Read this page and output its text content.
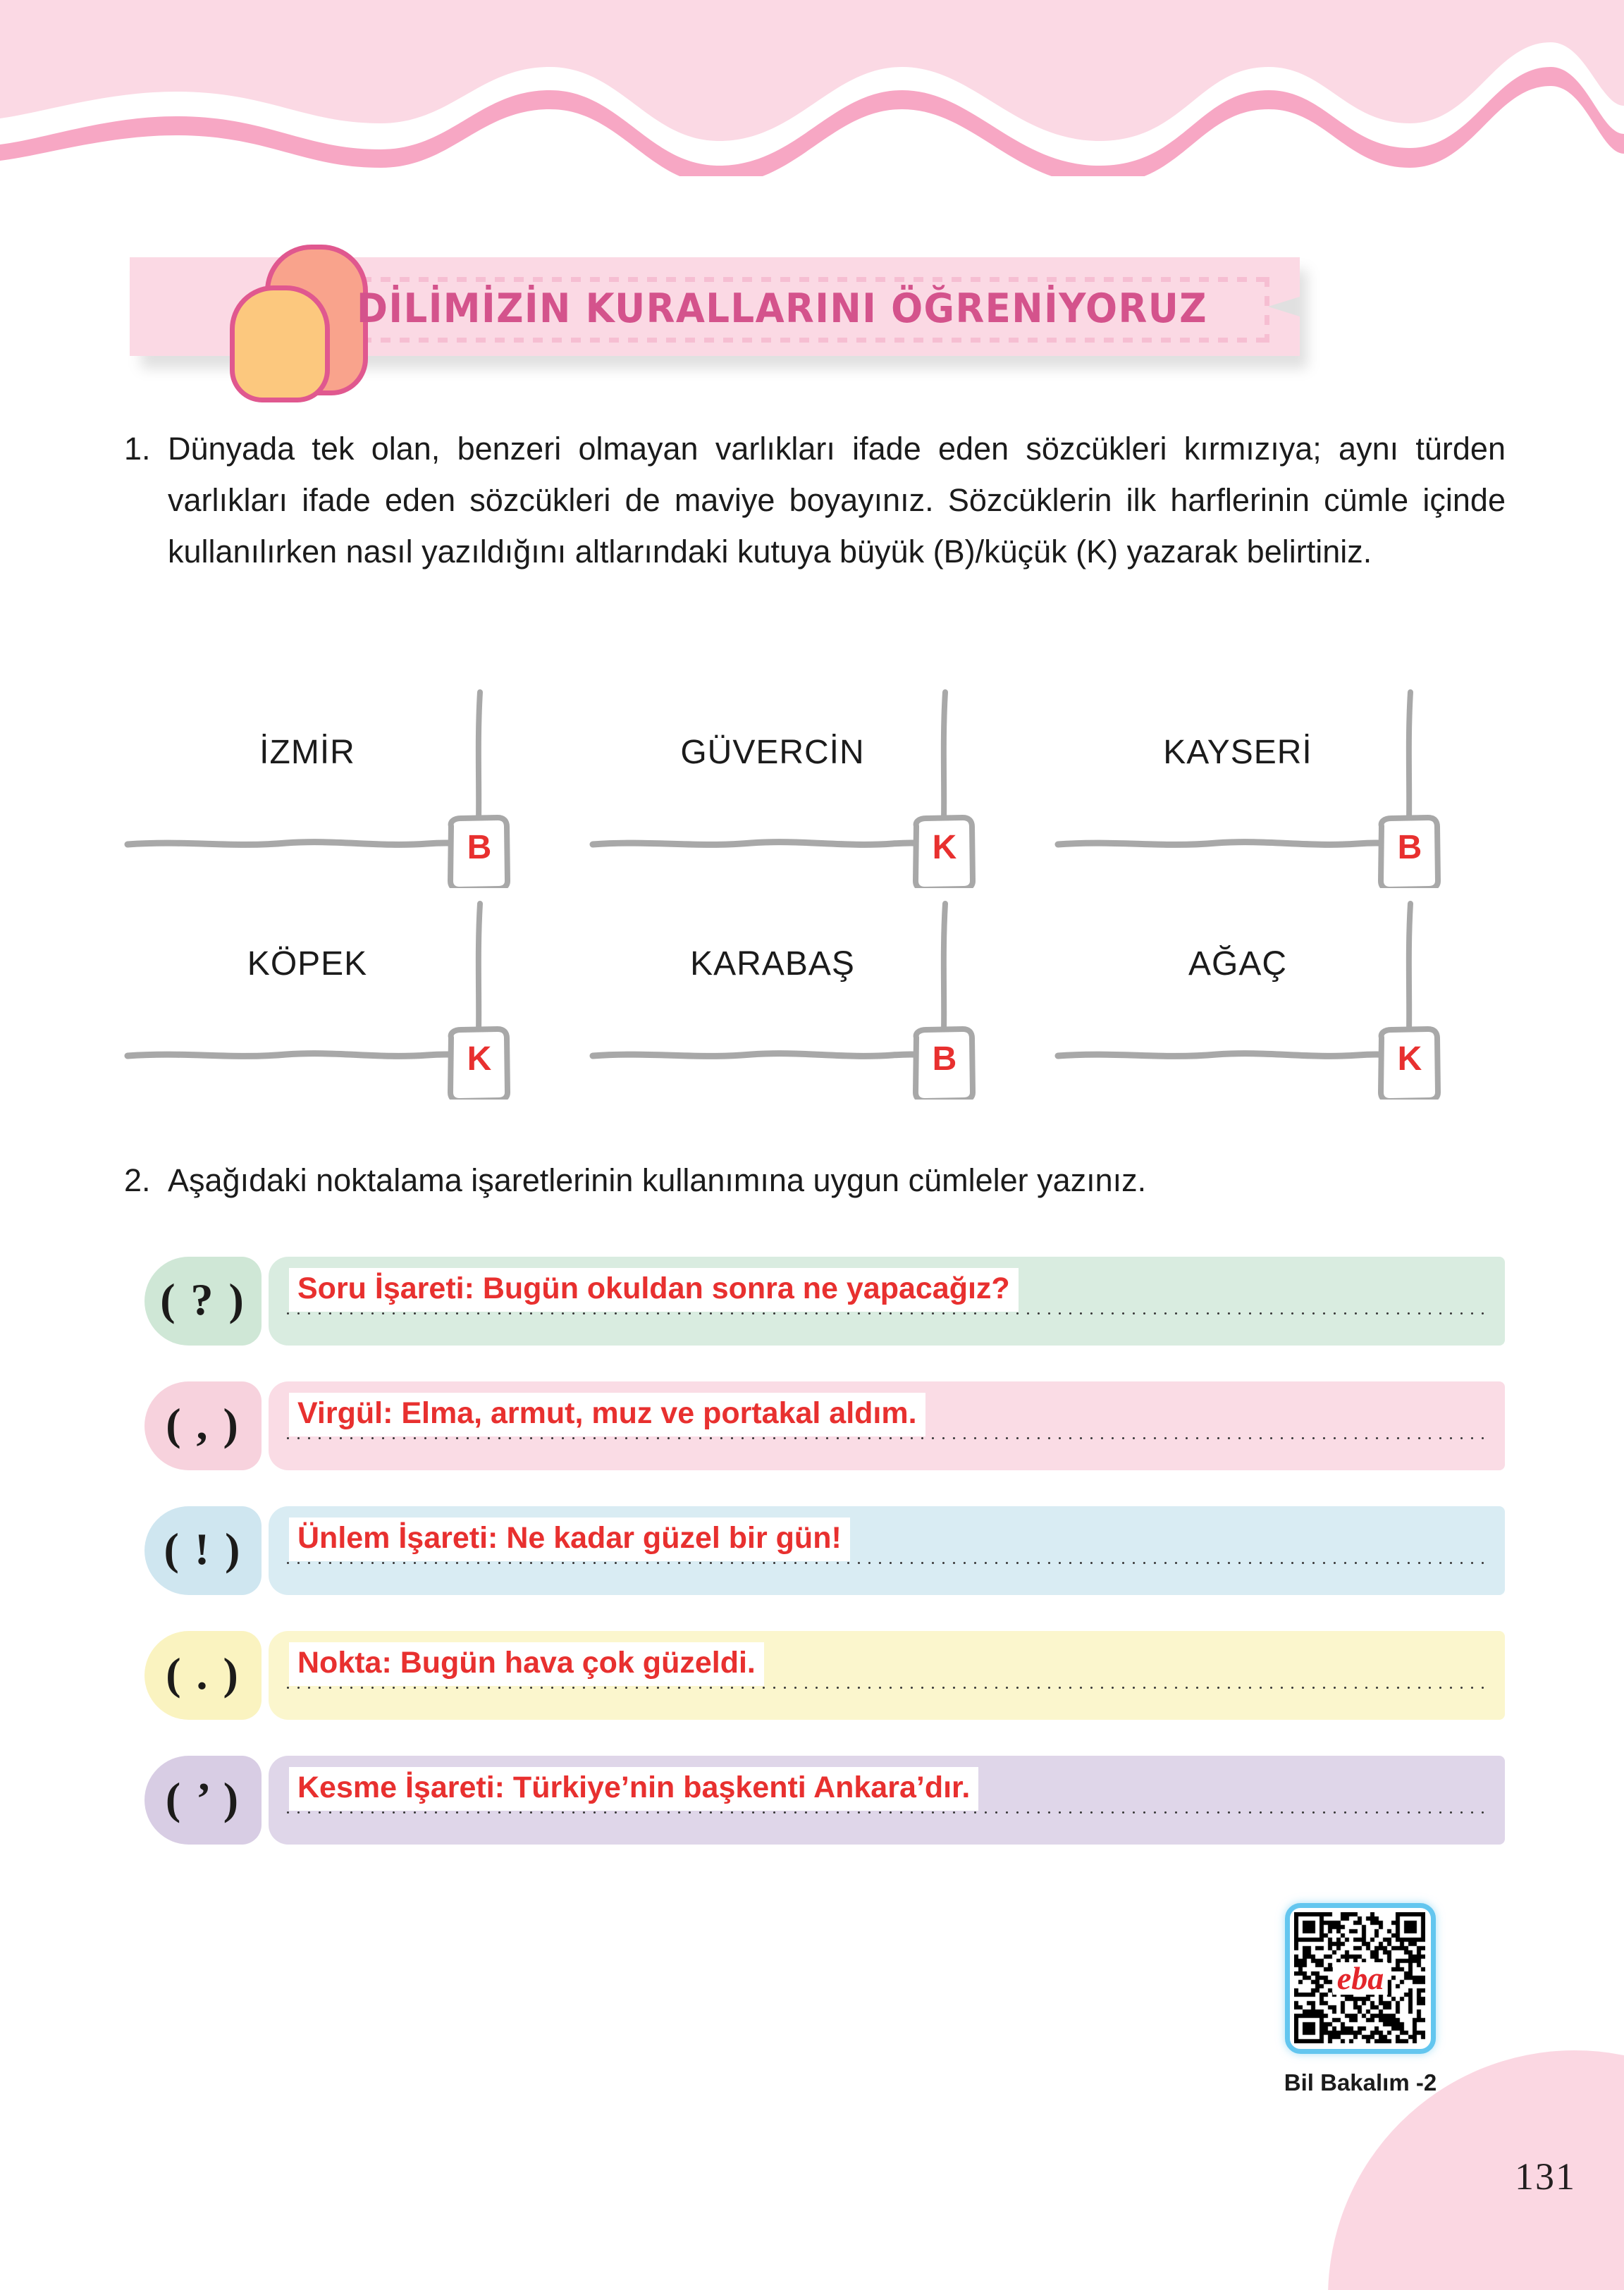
DİLİMİZİN KURALLARINI ÖĞRENİYORUZ
1. Dünyada tek olan, benzeri olmayan varlıkları ifade eden sözcükleri kırmızıya; aynı türden varlıkları ifade eden sözcükleri de maviye boyayınız. Sözcüklerin ilk harflerinin cümle içinde kullanılırken nasıl yazıldığını altlarındaki kutuya büyük (B)/küçük (K) yazarak belirtiniz.
İZMİR
B
GÜVERCİN
K
KAYSERİ
B
KÖPEK
K
KARABAŞ
B
AĞAÇ
K
2. Aşağıdaki noktalama işaretlerinin kullanımına uygun cümleler yazınız.
( ? ) Soru İşareti: Bugün okuldan sonra ne yapacağız?
( , ) Virgül: Elma, armut, muz ve portakal aldım.
( ! ) Ünlem İşareti: Ne kadar güzel bir gün!
( . ) Nokta: Bugün hava çok güzeldi.
( ’ ) Kesme İşareti: Türkiye’nin başkenti Ankara’dır.
eba
Bil Bakalım -2
131
